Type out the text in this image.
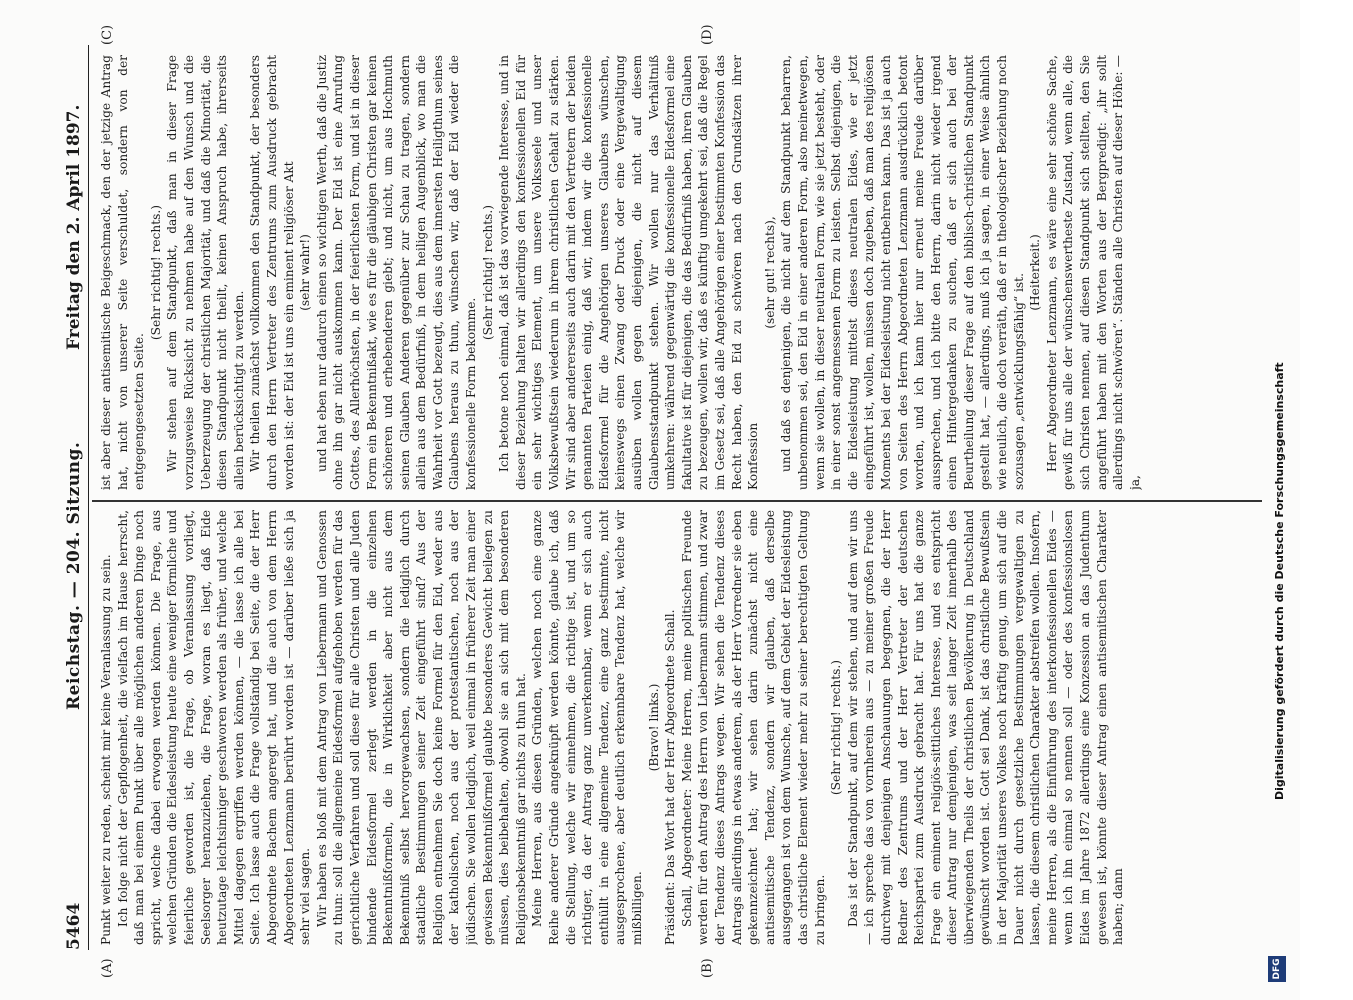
5464
Reichstag. — 204. Sitzung.
Freitag den 2. April 1897.
(A)	(B)
(C)	(D)

Punkt weiter zu reden, scheint mir keine Veranlassung zu sein. Ich folge nicht der Gepflogenheit, die vielfach im Hause herrscht, daß man bei einem Punkt über alle möglichen anderen Dinge noch spricht, welche dabei erwogen werden können. Die Frage, aus welchen Gründen die Eidesleistung heute eine weniger förmliche und feierliche geworden ist, die Frage, ob Veranlassung vorliegt, Seelsorger heranzuziehen, die Frage, woran es liegt, daß Eide heutzutage leichtsinniger geschworen werden als früher, und welche Mittel dagegen ergriffen werden können, — die lasse ich alle bei Seite. Ich lasse auch die Frage vollständig bei Seite, die der Herr Abgeordnete Bachem angeregt hat, und die auch von dem Herrn Abgeordneten Lenzmann berührt worden ist — darüber ließe sich ja sehr viel sagen. Wir haben es bloß mit dem Antrag von Liebermann und Genossen zu thun: soll die allgemeine Eidesformel aufgehoben werden für das gerichtliche Verfahren und soll diese für alle Christen und alle Juden bindende Eidesformel zerlegt werden in die einzelnen Bekenntnißformeln, die in Wirklichkeit aber nicht aus dem Bekenntniß selbst hervorgewachsen, sondern die lediglich durch staatliche Bestimmungen seiner Zeit eingeführt sind? Aus der Religion entnehmen Sie doch keine Formel für den Eid, weder aus der katholischen, noch aus der protestantischen, noch aus der jüdischen. Sie wollen lediglich, weil einmal in früherer Zeit man einer gewissen Bekenntnißformel glaubte besonderes Gewicht beilegen zu müssen, dies beibehalten, obwohl sie an sich mit dem besonderen Religionsbekenntniß gar nichts zu thun hat. Meine Herren, aus diesen Gründen, welchen noch eine ganze Reihe anderer Gründe angeknüpft werden könnte, glaube ich, daß die Stellung, welche wir einnehmen, die richtige ist, und um so richtiger, da der Antrag ganz unverkennbar, wenn er sich auch enthüllt in eine allgemeine Tendenz, eine ganz bestimmte, nicht ausgesprochene, aber deutlich erkennbare Tendenz hat, welche wir mißbilligen.

(Bravo! links.) Präsident: Das Wort hat der Herr Abgeordnete Schall. Schall, Abgeordneter: Meine Herren, meine politischen Freunde werden für den Antrag des Herrn von Liebermann stimmen, und zwar der Tendenz dieses Antrags wegen. Wir sehen die Tendenz dieses Antrags allerdings in etwas anderem, als der Herr Vorredner sie eben gekennzeichnet hat; wir sehen darin zunächst nicht eine antisemitische Tendenz, sondern wir glauben, daß derselbe ausgegangen ist von dem Wunsche, auf dem Gebiet der Eidesleistung das christliche Element wieder mehr zu seiner berechtigten Geltung zu bringen.

(Sehr richtig! rechts.) Das ist der Standpunkt, auf dem wir stehen, und auf dem wir uns — ich spreche das von vornherein aus — zu meiner großen Freude durchweg mit denjenigen Anschauungen begegnen, die der Herr Redner des Zentrums und der Herr Vertreter der deutschen Reichspartei zum Ausdruck gebracht hat. Für uns hat die ganze Frage ein eminent religiös-sittliches Interesse, und es entspricht dieser Antrag nur demjenigen, was seit langer Zeit innerhalb des überwiegenden Theils der christlichen Bevölkerung in Deutschland gewünscht worden ist. Gott sei Dank, ist das christliche Bewußtsein in der Majorität unseres Volkes noch kräftig genug, um sich auf die Dauer nicht durch gesetzliche Bestimmungen vergewaltigen zu lassen, die diesem christlichen Charakter abstreifen wollen. Insofern, meine Herren, als die Einführung des interkonfessionellen Eides — wenn ich ihn einmal so nennen soll — oder des konfessionslosen Eides im Jahre 1872 allerdings eine Konzession an das Judenthum gewesen ist, könnte dieser Antrag einen antisemitischen Charakter haben; dann

ist aber dieser antisemitische Beigeschmack, den der jetzige Antrag hat, nicht von unserer Seite verschuldet, sondern von der entgegengesetzten Seite.

(Sehr richtig! rechts.) Wir stehen auf dem Standpunkt, daß man in dieser Frage vorzugsweise Rücksicht zu nehmen habe auf den Wunsch und die Ueberzeugung der christlichen Majorität, und daß die Minorität, die diesen Standpunkt nicht theilt, keinen Anspruch habe, ihrerseits allein berücksichtigt zu werden. Wir theilen zunächst vollkommen den Standpunkt, der besonders durch den Herrn Vertreter des Zentrums zum Ausdruck gebracht worden ist: der Eid ist uns ein eminent religiöser Akt (sehr wahr!) und hat eben nur dadurch einen so wichtigen Werth, daß die Justiz ohne ihn gar nicht auskommen kann. Der Eid ist eine Anrufung Gottes, des Allerhöchsten, in der feierlichsten Form, und ist in dieser Form ein Bekenntnißakt, wie es für die gläubigen Christen gar keinen schöneren und erhebenderen giebt; und nicht, um aus Hochmuth seinen Glauben Anderen gegenüber zur Schau zu tragen, sondern allein aus dem Bedürfniß, in dem heiligen Augenblick, wo man die Wahrheit vor Gott bezeugt, dies aus dem innersten Heiligthum seines Glaubens heraus zu thun, wünschen wir, daß der Eid wieder die konfessionelle Form bekomme.

(Sehr richtig! rechts.) Ich betone noch einmal, daß ist das vorwiegende Interesse, und in dieser Beziehung halten wir allerdings den konfessionellen Eid für ein sehr wichtiges Element, um unsere Volksseele und unser Volksbewußtsein wiederum in ihrem christlichen Gehalt zu stärken. Wir sind aber andererseits auch darin mit den Vertretern der beiden genannten Parteien einig, daß wir, indem wir die konfessionelle Eidesformel für die Angehörigen unseres Glaubens wünschen, keineswegs einen Zwang oder Druck oder eine Vergewaltigung ausüben wollen gegen diejenigen, die nicht auf diesem Glaubensstandpunkt stehen. Wir wollen nur das Verhältniß umkehren: während gegenwärtig die konfessionelle Eidesformel eine fakultative ist für diejenigen, die das Bedürfniß haben, ihren Glauben zu bezeugen, wollen wir, daß es künftig umgekehrt sei, daß die Regel im Gesetz sei, daß alle Angehörigen einer bestimmten Konfession das Recht haben, den Eid zu schwören nach den Grundsätzen ihrer Konfession

(sehr gut! rechts), und daß es denjenigen, die nicht auf dem Standpunkt beharren, unbenommen sei, den Eid in einer anderen Form, also meinetwegen, wenn sie wollen, in dieser neutralen Form, wie sie jetzt besteht, oder in einer sonst angemessenen Form zu leisten. Selbst diejenigen, die die Eidesleistung mittelst dieses neutralen Eides, wie er jetzt eingeführt ist, wollen, müssen doch zugeben, daß man des religiösen Moments bei der Eidesleistung nicht entbehren kann. Das ist ja auch von Seiten des Herrn Abgeordneten Lenzmann ausdrücklich betont worden, und ich kann hier nur erneut meine Freude darüber aussprechen, und ich bitte den Herrn, darin nicht wieder irgend einen Hintergedanken zu suchen, daß er sich auch bei der Beurtheilung dieser Frage auf den biblisch-christlichen Standpunkt gestellt hat, — allerdings, muß ich ja sagen, in einer Weise ähnlich wie neulich, die doch verräth, daß er in theologischer Beziehung noch sozusagen „entwicklungsfähig“ ist.

(Heiterkeit.) Herr Abgeordneter Lenzmann, es wäre eine sehr schöne Sache, gewiß für uns alle der wünschenswertheste Zustand, wenn alle, die sich Christen nennen, auf diesen Standpunkt sich stellten, den Sie angeführt haben mit den Worten aus der Bergpredigt: „ihr sollt allerdings nicht schwören“. Ständen alle Christen auf dieser Höhe: — ja,

DFG
Digitalisierung gefördert durch die Deutsche Forschungsgemeinschaft
